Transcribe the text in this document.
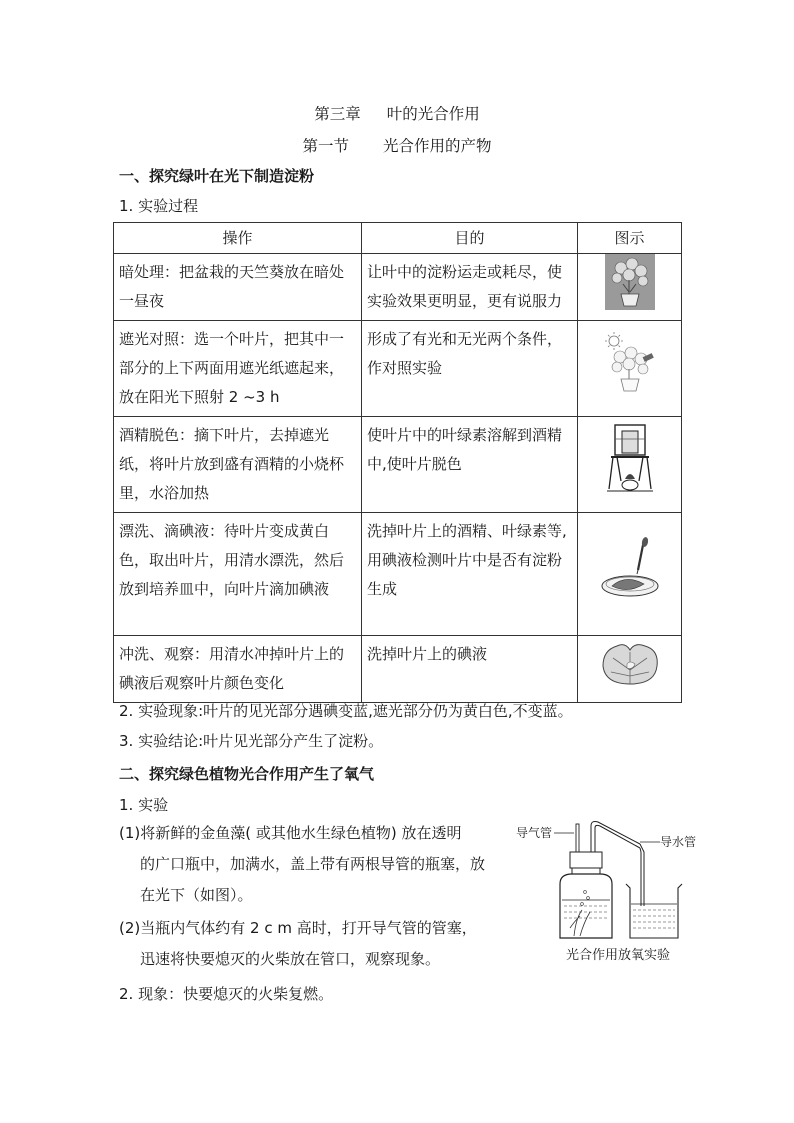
第三章 叶的光合作用
第一节 光合作用的产物
一、探究绿叶在光下制造淀粉
1. 实验过程
操作	目的	图示
暗处理：把盆栽的天竺葵放在暗处一昼夜	让叶中的淀粉运走或耗尽，使实验效果更明显，更有说服力	
遮光对照：选一个叶片，把其中一部分的上下两面用遮光纸遮起来，放在阳光下照射 2 ~3 h	形成了有光和无光两个条件，作对照实验	
酒精脱色：摘下叶片，去掉遮光纸，将叶片放到盛有酒精的小烧杯里，水浴加热	使叶片中的叶绿素溶解到酒精中,使叶片脱色	
漂洗、滴碘液：待叶片变成黄白色，取出叶片，用清水漂洗，然后放到培养皿中，向叶片滴加碘液	洗掉叶片上的酒精、叶绿素等,用碘液检测叶片中是否有淀粉生成	
冲洗、观察：用清水冲掉叶片上的碘液后观察叶片颜色变化	洗掉叶片上的碘液	
2. 实验现象:叶片的见光部分遇碘变蓝,遮光部分仍为黄白色,不变蓝。
3. 实验结论:叶片见光部分产生了淀粉。
二、探究绿色植物光合作用产生了氧气
1. 实验
(1)将新鲜的金鱼藻( 或其他水生绿色植物) 放在透明
的广口瓶中，加满水，盖上带有两根导管的瓶塞，放
在光下（如图）。
(2)当瓶内气体约有 2 c m 高时，打开导气管的管塞，
迅速将快要熄灭的火柴放在管口，观察现象。
2. 现象：快要熄灭的火柴复燃。
导气管
导水管
光合作用放氧实验
